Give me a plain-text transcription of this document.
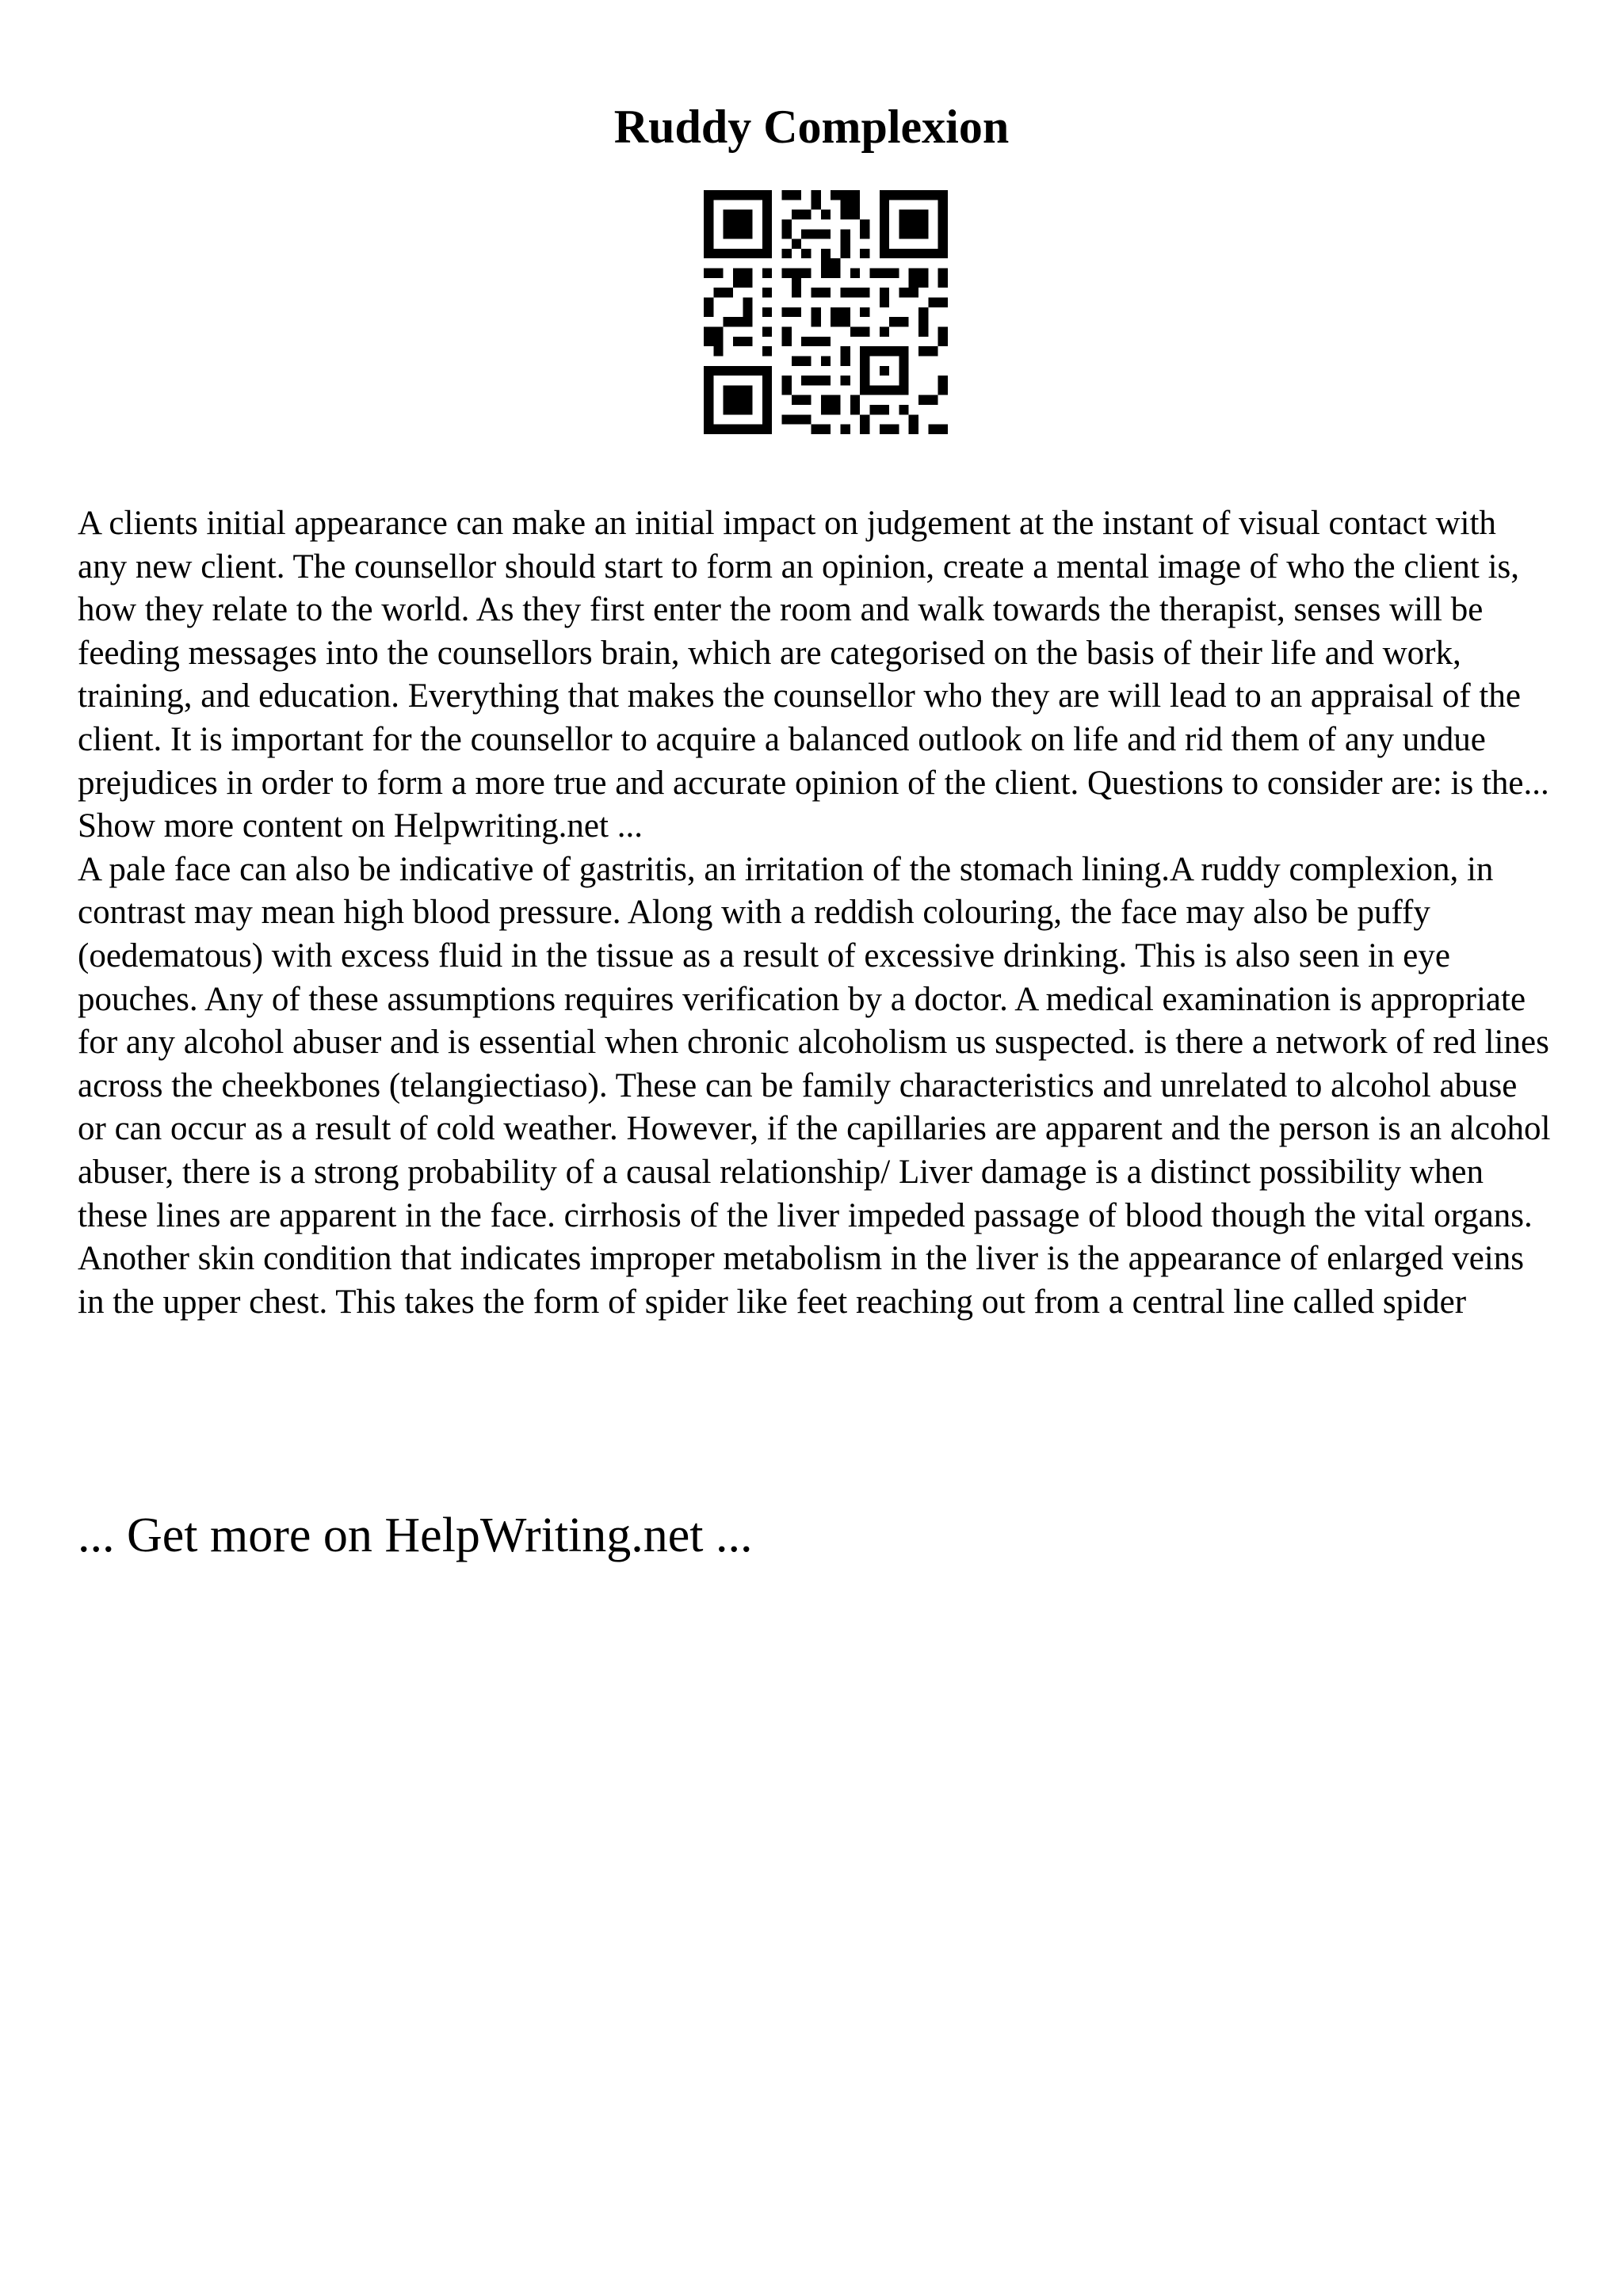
Ruddy Complexion

A clients initial appearance can make an initial impact on judgement at the instant of visual contact with any new client. The counsellor should start to form an opinion, create a mental image of who the client is, how they relate to the world. As they first enter the room and walk towards the therapist, senses will be feeding messages into the counsellors brain, which are categorised on the basis of their life and work, training, and education. Everything that makes the counsellor who they are will lead to an appraisal of the client. It is important for the counsellor to acquire a balanced outlook on life and rid them of any undue prejudices in order to form a more true and accurate opinion of the client. Questions to consider are: is the... Show more content on Helpwriting.net ...

A pale face can also be indicative of gastritis, an irritation of the stomach lining.A ruddy complexion, in contrast may mean high blood pressure. Along with a reddish colouring, the face may also be puffy (oedematous) with excess fluid in the tissue as a result of excessive drinking. This is also seen in eye pouches. Any of these assumptions requires verification by a doctor. A medical examination is appropriate for any alcohol abuser and is essential when chronic alcoholism us suspected. is there a network of red lines across the cheekbones (telangiectiaso). These can be family characteristics and unrelated to alcohol abuse or can occur as a result of cold weather. However, if the capillaries are apparent and the person is an alcohol abuser, there is a strong probability of a causal relationship/ Liver damage is a distinct possibility when these lines are apparent in the face. cirrhosis of the liver impeded passage of blood though the vital organs. Another skin condition that indicates improper metabolism in the liver is the appearance of enlarged veins in the upper chest. This takes the form of spider like feet reaching out from a central line called spider

... Get more on HelpWriting.net ...
